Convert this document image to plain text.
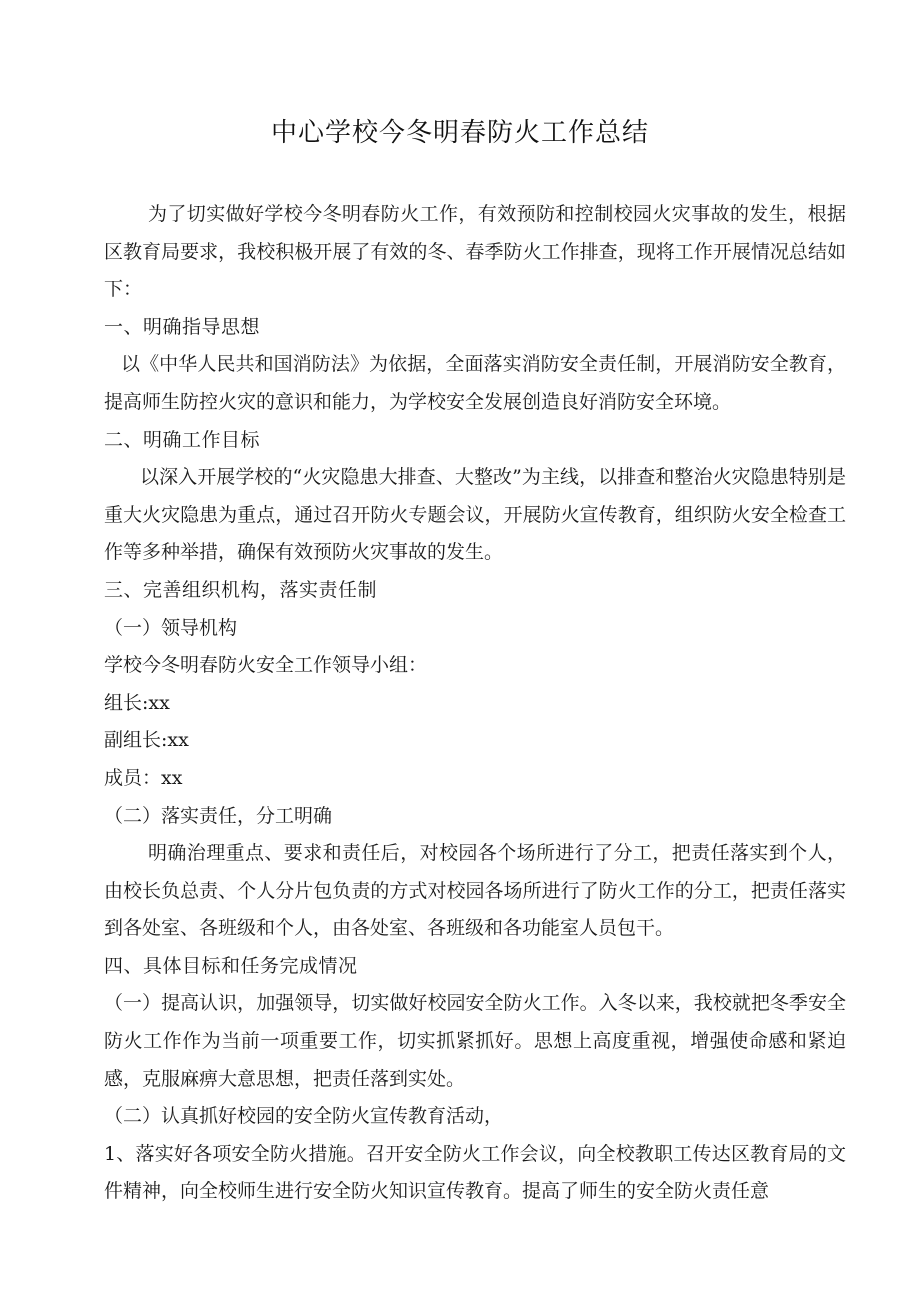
中心学校今冬明春防火工作总结

为了切实做好学校今冬明春防火工作，有效预防和控制校园火灾事故的发生，根据区教育局要求，我校积极开展了有效的冬、春季防火工作排查，现将工作开展情况总结如下：

一、明确指导思想

以《中华人民共和国消防法》为依据，全面落实消防安全责任制，开展消防安全教育，提高师生防控火灾的意识和能力，为学校安全发展创造良好消防安全环境。

二、明确工作目标

以深入开展学校的“火灾隐患大排查、大整改”为主线，以排查和整治火灾隐患特别是重大火灾隐患为重点，通过召开防火专题会议，开展防火宣传教育，组织防火安全检查工作等多种举措，确保有效预防火灾事故的发生。

三、完善组织机构，落实责任制

（一）领导机构

学校今冬明春防火安全工作领导小组：

组长:xx

副组长:xx

成员：xx

（二）落实责任，分工明确

明确治理重点、要求和责任后，对校园各个场所进行了分工，把责任落实到个人，由校长负总责、个人分片包负责的方式对校园各场所进行了防火工作的分工，把责任落实到各处室、各班级和个人，由各处室、各班级和各功能室人员包干。

四、具体目标和任务完成情况

（一）提高认识，加强领导，切实做好校园安全防火工作。入冬以来，我校就把冬季安全防火工作作为当前一项重要工作，切实抓紧抓好。思想上高度重视，增强使命感和紧迫感，克服麻痹大意思想，把责任落到实处。

（二）认真抓好校园的安全防火宣传教育活动，

1、落实好各项安全防火措施。召开安全防火工作会议，向全校教职工传达区教育局的文件精神，向全校师生进行安全防火知识宣传教育。提高了师生的安全防火责任意
